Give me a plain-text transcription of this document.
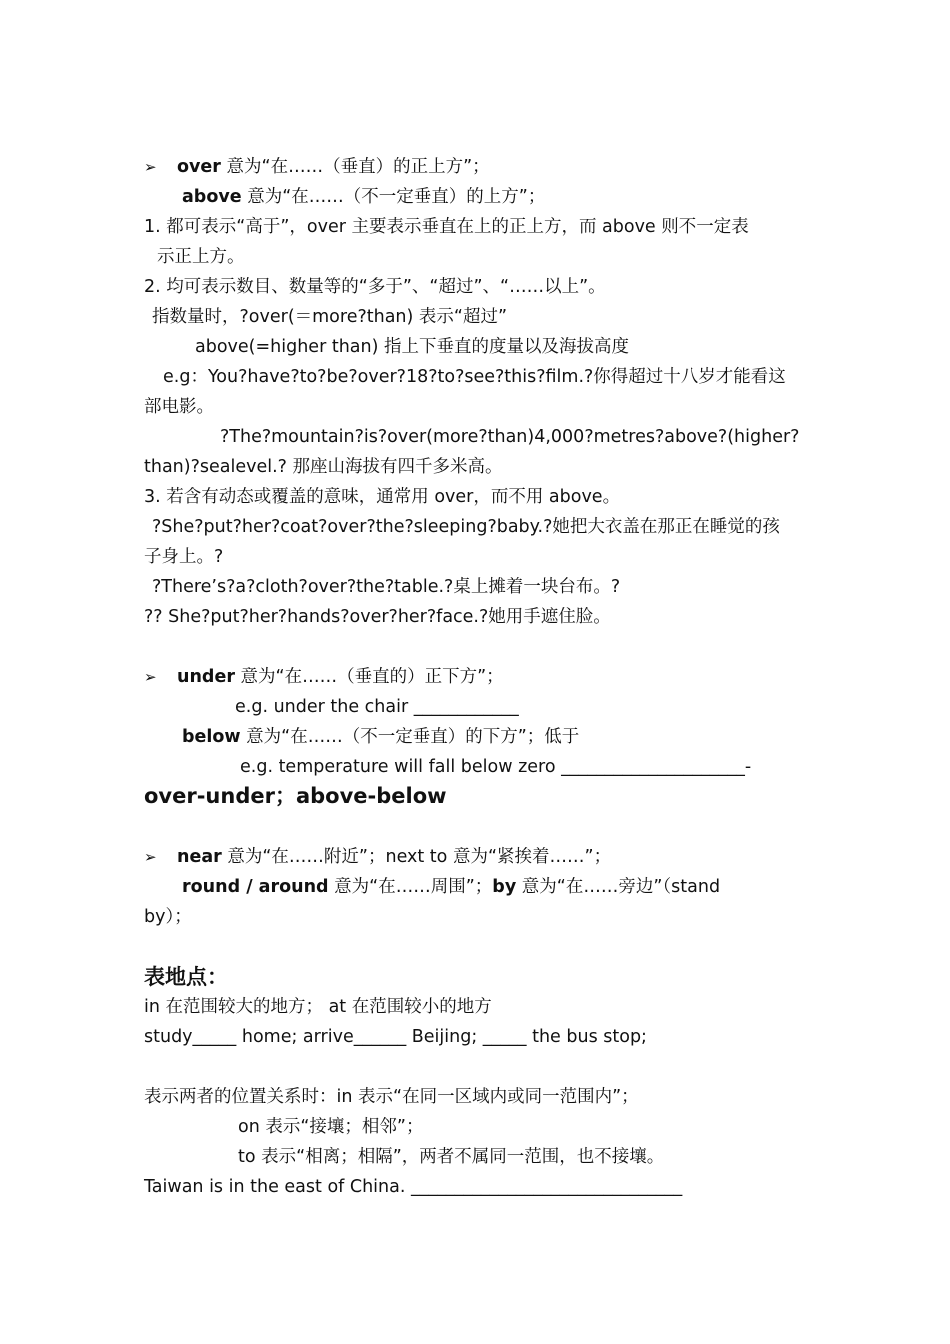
➢ over 意为“在……（垂直）的正上方”；
above 意为“在……（不一定垂直）的上方”；
1. 都可表示“高于”，over 主要表示垂直在上的正上方，而 above 则不一定表
示正上方。
2. 均可表示数目、数量等的“多于”、“超过”、“……以上”。
指数量时，?over(＝more?than) 表示“超过”
above(=higher than) 指上下垂直的度量以及海拔高度
e.g：You?have?to?be?over?18?to?see?this?film.?你得超过十八岁才能看这
部电影。
?The?mountain?is?over(more?than)4,000?metres?above?(higher?
than)?sealevel.? 那座山海拔有四千多米高。
3. 若含有动态或覆盖的意味，通常用 over，而不用 above。
?She?put?her?coat?over?the?sleeping?baby.?她把大衣盖在那正在睡觉的孩
子身上。?
?There’s?a?cloth?over?the?table.?桌上摊着一块台布。?
?? She?put?her?hands?over?her?face.?她用手遮住脸。
➢ under 意为“在……（垂直的）正下方”；
e.g. under the chair ____________
below 意为“在……（不一定垂直）的下方”；低于
e.g. temperature will fall below zero _____________________-
over-under；above-below
➢ near 意为“在……附近”；next to 意为“紧挨着……”；
round / around 意为“在……周围”；by 意为“在……旁边”（stand
by）；
表地点：
in 在范围较大的地方； at 在范围较小的地方
study_____ home; arrive______ Beijing; _____ the bus stop;
表示两者的位置关系时：in 表示“在同一区域内或同一范围内”；
on 表示“接壤；相邻”；
to 表示“相离；相隔”，两者不属同一范围，也不接壤。
Taiwan is in the east of China. _______________________________
